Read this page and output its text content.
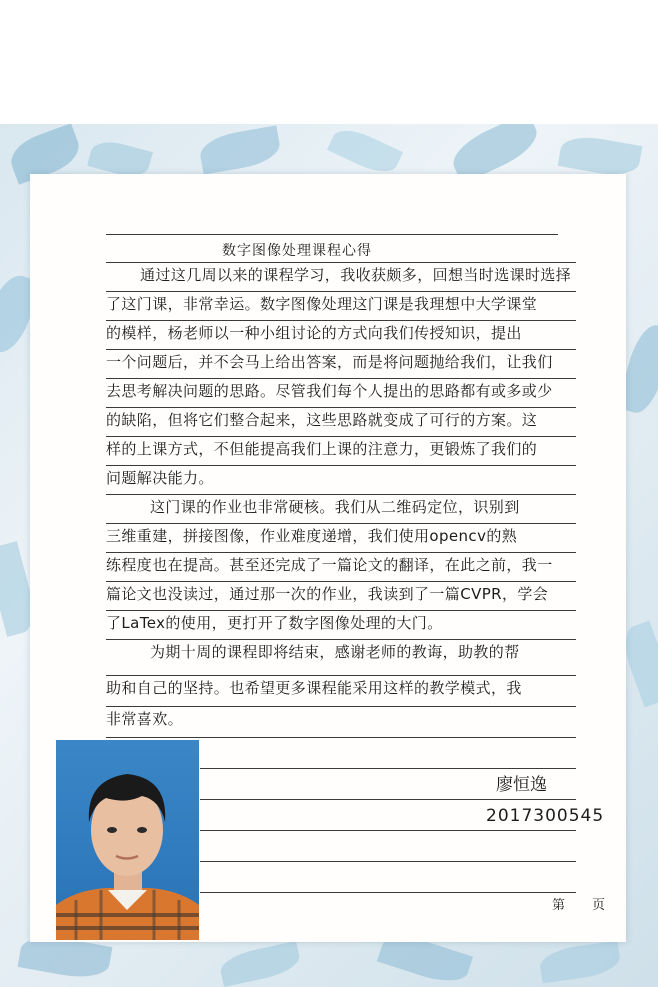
数字图像处理课程心得
通过这几周以来的课程学习，我收获颇多，回想当时选课时选择
了这门课，非常幸运。数字图像处理这门课是我理想中大学课堂
的模样，杨老师以一种小组讨论的方式向我们传授知识，提出
一个问题后，并不会马上给出答案，而是将问题抛给我们，让我们
去思考解决问题的思路。尽管我们每个人提出的思路都有或多或少
的缺陷，但将它们整合起来，这些思路就变成了可行的方案。这
样的上课方式，不但能提高我们上课的注意力，更锻炼了我们的
问题解决能力。
这门课的作业也非常硬核。我们从二维码定位，识别到
三维重建，拼接图像，作业难度递增，我们使用opencv的熟
练程度也在提高。甚至还完成了一篇论文的翻译，在此之前，我一
篇论文也没读过，通过那一次的作业，我读到了一篇CVPR，学会
了LaTex的使用，更打开了数字图像处理的大门。
为期十周的课程即将结束，感谢老师的教诲，助教的帮
助和自己的坚持。也希望更多课程能采用这样的教学模式，我
非常喜欢。
廖恒逸
2017300545
第 页
